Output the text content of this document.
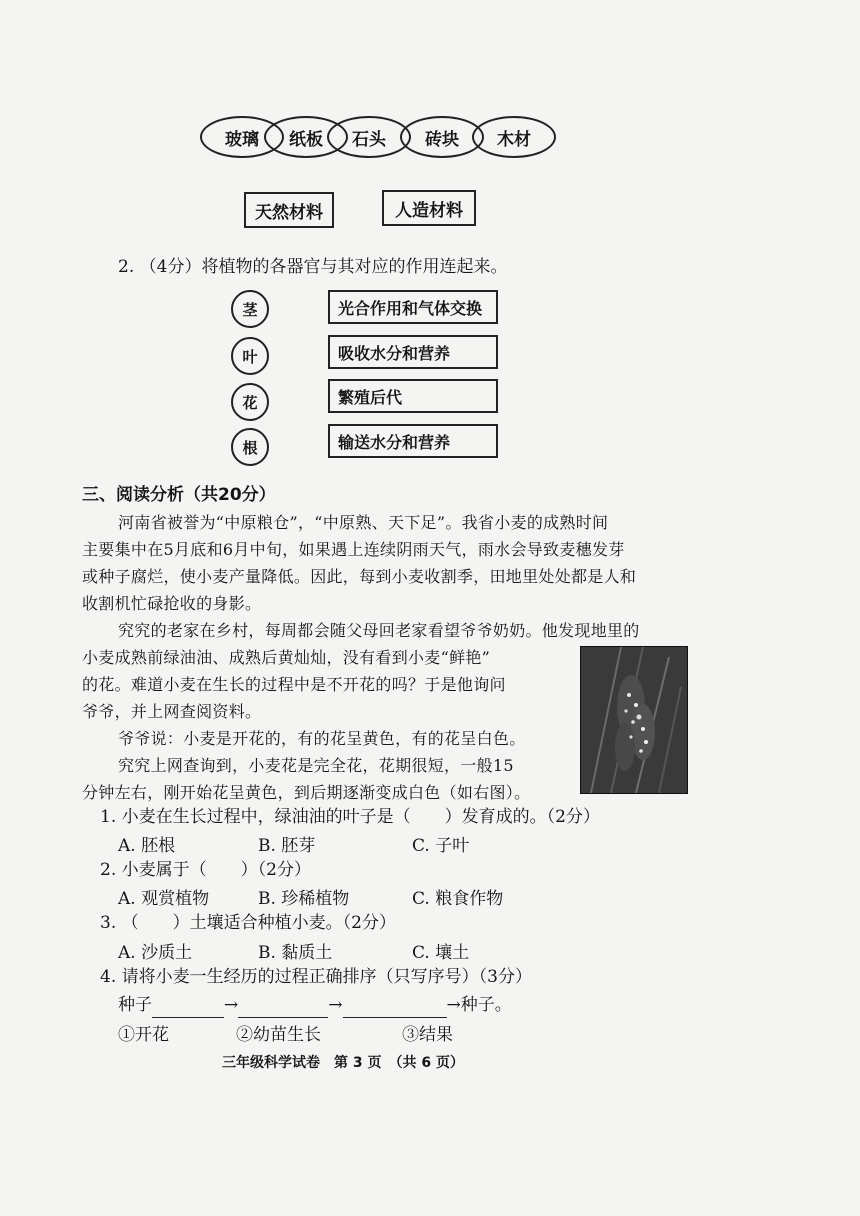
玻璃	纸板	石头	砖块	木材
天然材料	人造材料
2. （4分）将植物的各器官与其对应的作用连起来。
茎
叶
花
根
光合作用和气体交换
吸收水分和营养
繁殖后代
输送水分和营养
三、阅读分析（共20分）
河南省被誉为“中原粮仓”，“中原熟、天下足”。我省小麦的成熟时间
主要集中在5月底和6月中旬，如果遇上连续阴雨天气，雨水会导致麦穗发芽
或种子腐烂，使小麦产量降低。因此，每到小麦收割季，田地里处处都是人和
收割机忙碌抢收的身影。
究究的老家在乡村，每周都会随父母回老家看望爷爷奶奶。他发现地里的
小麦成熟前绿油油、成熟后黄灿灿，没有看到小麦“鲜艳”
的花。难道小麦在生长的过程中是不开花的吗？于是他询问
爷爷，并上网查阅资料。
爷爷说：小麦是开花的，有的花呈黄色，有的花呈白色。
究究上网查询到，小麦花是完全花，花期很短，一般15
分钟左右，刚开始花呈黄色，到后期逐渐变成白色（如右图）。
1. 小麦在生长过程中，绿油油的叶子是（　　）发育成的。（2分）
A. 胚根	B. 胚芽	C. 子叶
2. 小麦属于（　　）（2分）
A. 观赏植物	B. 珍稀植物	C. 粮食作物
3. （　　）土壤适合种植小麦。（2分）
A. 沙质土	B. 黏质土	C. 壤土
4. 请将小麦一生经历的过程正确排序（只写序号）（3分）
种子	→	→	→种子。
①开花	②幼苗生长	③结果
三年级科学试卷　第 3 页　（共 6 页）
